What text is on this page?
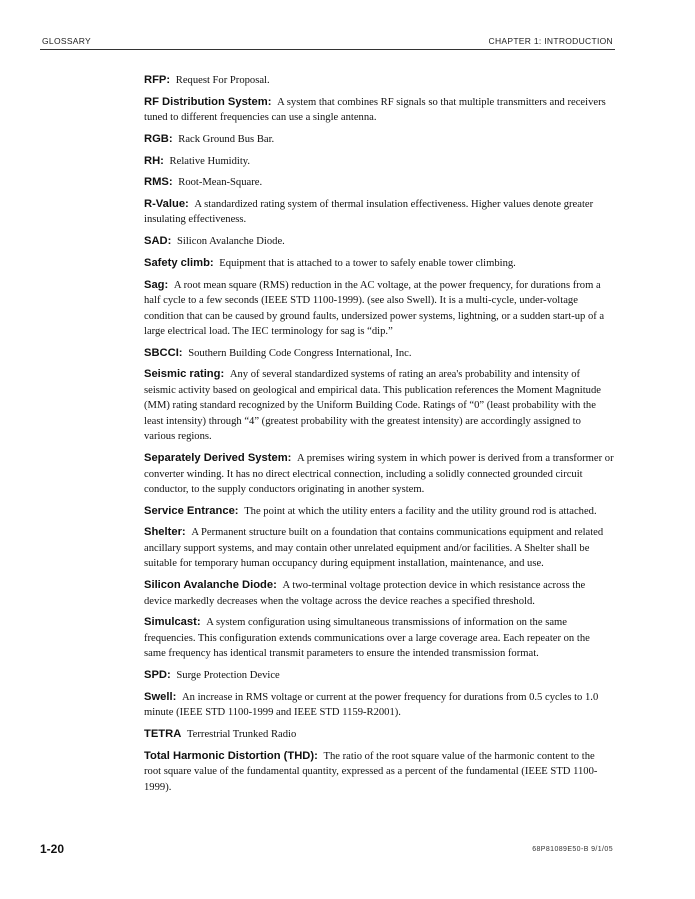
GLOSSARY	CHAPTER 1: INTRODUCTION

RFP: Request For Proposal.

RF Distribution System: A system that combines RF signals so that multiple transmitters and receivers tuned to different frequencies can use a single antenna.

RGB: Rack Ground Bus Bar.

RH: Relative Humidity.

RMS: Root-Mean-Square.

R-Value: A standardized rating system of thermal insulation effectiveness. Higher values denote greater insulating effectiveness.

SAD: Silicon Avalanche Diode.

Safety climb: Equipment that is attached to a tower to safely enable tower climbing.

Sag: A root mean square (RMS) reduction in the AC voltage, at the power frequency, for durations from a half cycle to a few seconds (IEEE STD 1100-1999). (see also Swell). It is a multi-cycle, under-voltage condition that can be caused by ground faults, undersized power systems, lightning, or a sudden start-up of a large electrical load. The IEC terminology for sag is “dip.”

SBCCI: Southern Building Code Congress International, Inc.

Seismic rating: Any of several standardized systems of rating an area's probability and intensity of seismic activity based on geological and empirical data. This publication references the Moment Magnitude (MM) rating standard recognized by the Uniform Building Code. Ratings of “0” (least probability with the least intensity) through “4” (greatest probability with the greatest intensity) are accordingly assigned to various regions.

Separately Derived System: A premises wiring system in which power is derived from a transformer or converter winding. It has no direct electrical connection, including a solidly connected grounded circuit conductor, to the supply conductors originating in another system.

Service Entrance: The point at which the utility enters a facility and the utility ground rod is attached.

Shelter: A Permanent structure built on a foundation that contains communications equipment and related ancillary support systems, and may contain other unrelated equipment and/or facilities. A Shelter shall be suitable for temporary human occupancy during equipment installation, maintenance, and use.

Silicon Avalanche Diode: A two-terminal voltage protection device in which resistance across the device markedly decreases when the voltage across the device reaches a specified threshold.

Simulcast: A system configuration using simultaneous transmissions of information on the same frequencies. This configuration extends communications over a large coverage area. Each repeater on the same frequency has identical transmit parameters to ensure the intended transmission format.

SPD: Surge Protection Device

Swell: An increase in RMS voltage or current at the power frequency for durations from 0.5 cycles to 1.0 minute (IEEE STD 1100-1999 and IEEE STD 1159-R2001).

TETRA Terrestrial Trunked Radio

Total Harmonic Distortion (THD): The ratio of the root square value of the harmonic content to the root square value of the fundamental quantity, expressed as a percent of the fundamental (IEEE STD 1100-1999).

1-20	68P81089E50-B 9/1/05
